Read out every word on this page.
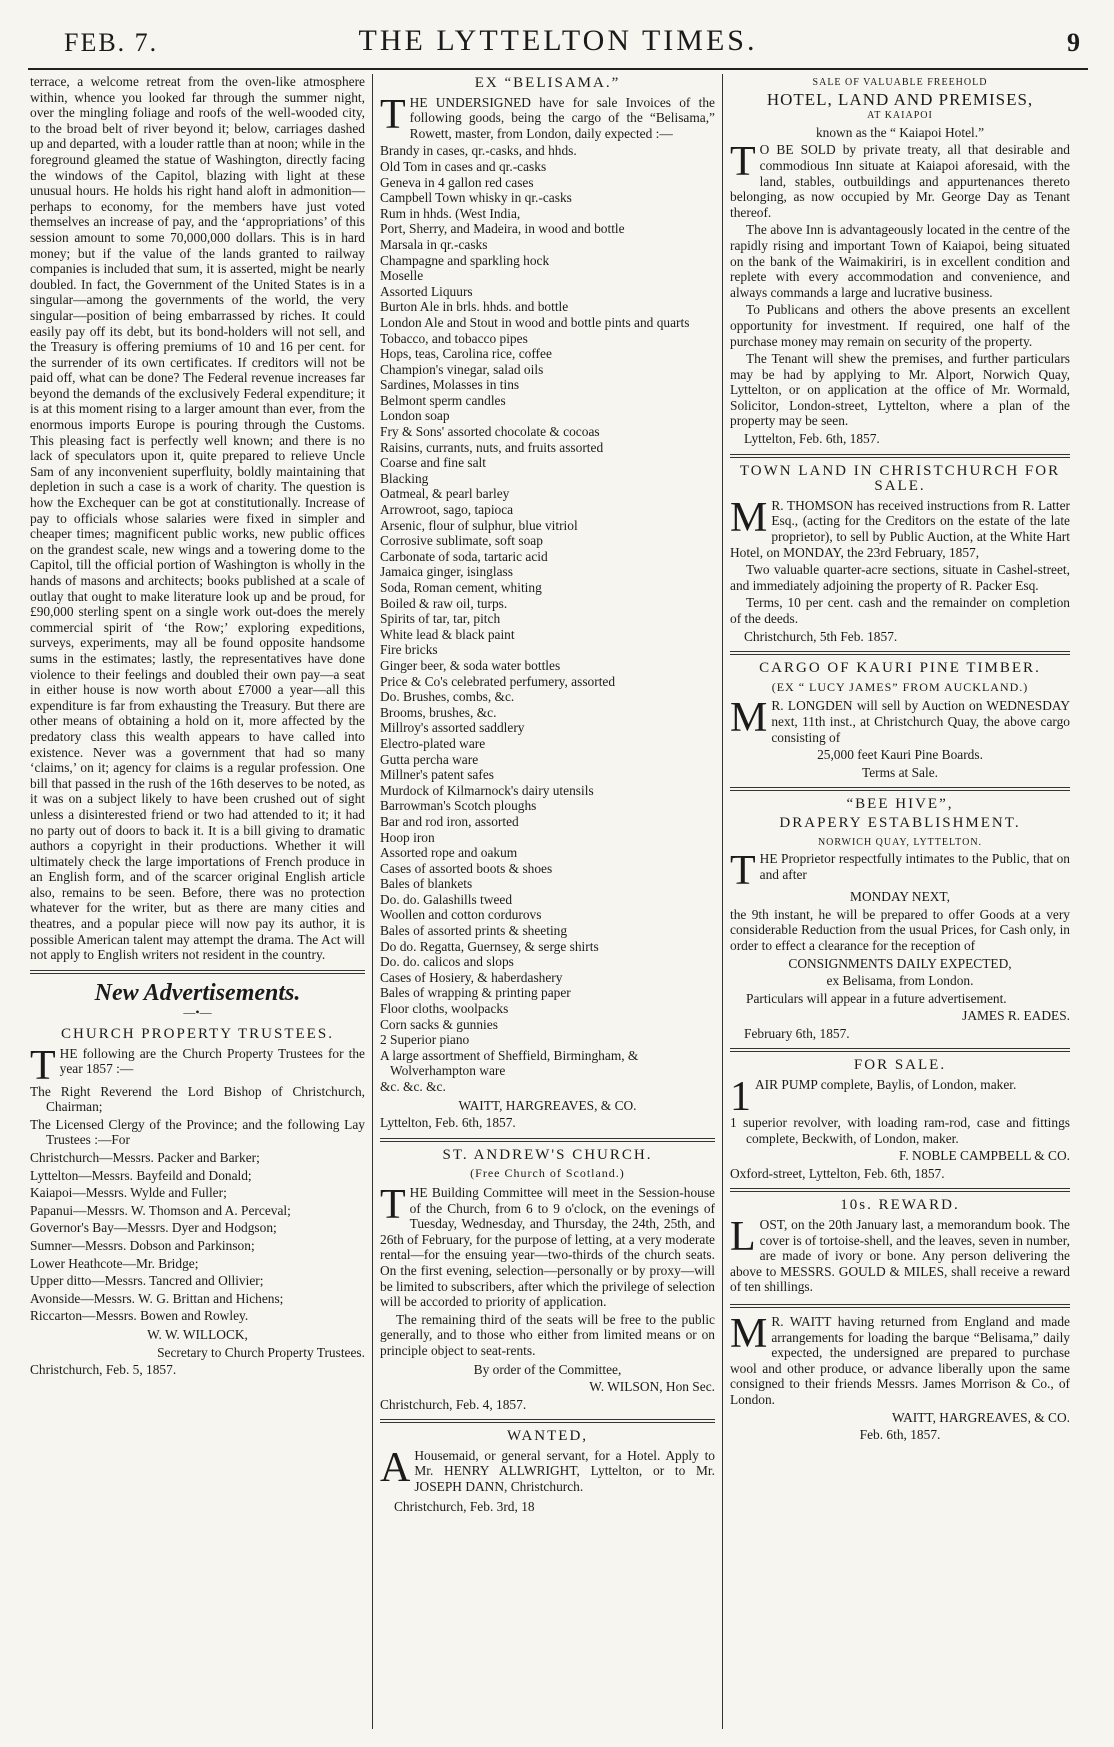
FEB. 7.	THE LYTTELTON TIMES.	9

terrace, a welcome retreat from the oven-like atmosphere within, whence you looked far through the summer night, over the mingling foliage and roofs of the well-wooded city, to the broad belt of river beyond it; below, carriages dashed up and departed, with a louder rattle than at noon; while in the foreground gleamed the statue of Washington, directly facing the windows of the Capitol, blazing with light at these unusual hours. He holds his right hand aloft in admonition—perhaps to economy, for the members have just voted themselves an increase of pay, and the ‘appropriations’ of this session amount to some 70,000,000 dollars. This is in hard money; but if the value of the lands granted to railway companies is included that sum, it is asserted, might be nearly doubled. In fact, the Government of the United States is in a singular—among the governments of the world, the very singular—position of being embarrassed by riches. It could easily pay off its debt, but its bond-holders will not sell, and the Treasury is offering premiums of 10 and 16 per cent. for the surrender of its own certificates. If creditors will not be paid off, what can be done? The Federal revenue increases far beyond the demands of the exclusively Federal expenditure; it is at this moment rising to a larger amount than ever, from the enormous imports Europe is pouring through the Customs. This pleasing fact is perfectly well known; and there is no lack of speculators upon it, quite prepared to relieve Uncle Sam of any inconvenient superfluity, boldly maintaining that depletion in such a case is a work of charity. The question is how the Exchequer can be got at constitutionally. Increase of pay to officials whose salaries were fixed in simpler and cheaper times; magnificent public works, new public offices on the grandest scale, new wings and a towering dome to the Capitol, till the official portion of Washington is wholly in the hands of masons and architects; books published at a scale of outlay that ought to make literature look up and be proud, for £90,000 sterling spent on a single work out-does the merely commercial spirit of ‘the Row;’ exploring expeditions, surveys, experiments, may all be found opposite handsome sums in the estimates; lastly, the representatives have done violence to their feelings and doubled their own pay—a seat in either house is now worth about £7000 a year—all this expenditure is far from exhausting the Treasury. But there are other means of obtaining a hold on it, more affected by the predatory class this wealth appears to have called into existence. Never was a government that had so many ‘claims,’ on it; agency for claims is a regular profession. One bill that passed in the rush of the 16th deserves to be noted, as it was on a subject likely to have been crushed out of sight unless a disinterested friend or two had attended to it; it had no party out of doors to back it. It is a bill giving to dramatic authors a copyright in their productions. Whether it will ultimately check the large importations of French produce in an English form, and of the scarcer original English article also, remains to be seen. Before, there was no protection whatever for the writer, but as there are many cities and theatres, and a popular piece will now pay its author, it is possible American talent may attempt the drama. The Act will not apply to English writers not resident in the country.

New Advertisements.
—•—
CHURCH PROPERTY TRUSTEES.

THE following are the Church Property Trustees for the year 1857 :—

The Right Reverend the Lord Bishop of Christchurch, Chairman;

The Licensed Clergy of the Province; and the following Lay Trustees :—For

Christchurch—Messrs. Packer and Barker;

Lyttelton—Messrs. Bayfeild and Donald;

Kaiapoi—Messrs. Wylde and Fuller;

Papanui—Messrs. W. Thomson and A. Perceval;

Governor's Bay—Messrs. Dyer and Hodgson;

Sumner—Messrs. Dobson and Parkinson;

Lower Heathcote—Mr. Bridge;

Upper ditto—Messrs. Tancred and Ollivier;

Avonside—Messrs. W. G. Brittan and Hichens;

Riccarton—Messrs. Bowen and Rowley.

W. W. WILLOCK,

Secretary to Church Property Trustees.

Christchurch, Feb. 5, 1857.

EX “BELISAMA.”

THE UNDERSIGNED have for sale Invoices of the following goods, being the cargo of the “Belisama,” Rowett, master, from London, daily expected :—

Brandy in cases, qr.-casks, and hhds.

Old Tom in cases and qr.-casks

Geneva in 4 gallon red cases

Campbell Town whisky in qr.-casks

Rum in hhds. (West India,

Port, Sherry, and Madeira, in wood and bottle

Marsala in qr.-casks

Champagne and sparkling hock

Moselle

Assorted Liquurs

Burton Ale in brls. hhds. and bottle

London Ale and Stout in wood and bottle pints and quarts

Tobacco, and tobacco pipes

Hops, teas, Carolina rice, coffee

Champion's vinegar, salad oils

Sardines, Molasses in tins

Belmont sperm candles

London soap

Fry & Sons' assorted chocolate & cocoas

Raisins, currants, nuts, and fruits assorted

Coarse and fine salt

Blacking

Oatmeal, & pearl barley

Arrowroot, sago, tapioca

Arsenic, flour of sulphur, blue vitriol

Corrosive sublimate, soft soap

Carbonate of soda, tartaric acid

Jamaica ginger, isinglass

Soda, Roman cement, whiting

Boiled & raw oil, turps.

Spirits of tar, tar, pitch

White lead & black paint

Fire bricks

Ginger beer, & soda water bottles

Price & Co's celebrated perfumery, assorted

Do. Brushes, combs, &c.

Brooms, brushes, &c.

Millroy's assorted saddlery

Electro-plated ware

Gutta percha ware

Millner's patent safes

Murdock of Kilmarnock's dairy utensils

Barrowman's Scotch ploughs

Bar and rod iron, assorted

Hoop iron

Assorted rope and oakum

Cases of assorted boots & shoes

Bales of blankets

Do. do. Galashills tweed

Woollen and cotton cordurovs

Bales of assorted prints & sheeting

Do do. Regatta, Guernsey, & serge shirts

Do. do. calicos and slops

Cases of Hosiery, & haberdashery

Bales of wrapping & printing paper

Floor cloths, woolpacks

Corn sacks & gunnies

2 Superior piano

A large assortment of Sheffield, Birmingham, & Wolverhampton ware

&c. &c. &c.

WAITT, HARGREAVES, & CO.

Lyttelton, Feb. 6th, 1857.

ST. ANDREW'S CHURCH.
(Free Church of Scotland.)

THE Building Committee will meet in the Session-house of the Church, from 6 to 9 o'clock, on the evenings of Tuesday, Wednesday, and Thursday, the 24th, 25th, and 26th of February, for the purpose of letting, at a very moderate rental—for the ensuing year—two-thirds of the church seats. On the first evening, selection—personally or by proxy—will be limited to subscribers, after which the privilege of selection will be accorded to priority of application.

The remaining third of the seats will be free to the public generally, and to those who either from limited means or on principle object to seat-rents.

By order of the Committee,

W. WILSON, Hon Sec.

Christchurch, Feb. 4, 1857.

WANTED,

A Housemaid, or general servant, for a Hotel. Apply to Mr. HENRY ALLWRIGHT, Lyttelton, or to Mr. JOSEPH DANN, Christchurch.

Christchurch, Feb. 3rd, 18

SALE OF VALUABLE FREEHOLD
HOTEL, LAND AND PREMISES,
AT KAIAPOI

known as the “ Kaiapoi Hotel.”

T O BE SOLD by private treaty, all that desirable and commodious Inn situate at Kaiapoi aforesaid, with the land, stables, outbuildings and appurtenances thereto belonging, as now occupied by Mr. George Day as Tenant thereof.

The above Inn is advantageously located in the centre of the rapidly rising and important Town of Kaiapoi, being situated on the bank of the Waimakiriri, is in excellent condition and replete with every accommodation and convenience, and always commands a large and lucrative business.

To Publicans and others the above presents an excellent opportunity for investment. If required, one half of the purchase money may remain on security of the property.

The Tenant will shew the premises, and further particulars may be had by applying to Mr. Alport, Norwich Quay, Lyttelton, or on application at the office of Mr. Wormald, Solicitor, London-street, Lyttelton, where a plan of the property may be seen.

Lyttelton, Feb. 6th, 1857.

TOWN LAND IN CHRISTCHURCH FOR SALE.

M R. THOMSON has received instructions from R. Latter Esq., (acting for the Creditors on the estate of the late proprietor), to sell by Public Auction, at the White Hart Hotel, on MONDAY, the 23rd February, 1857,

Two valuable quarter-acre sections, situate in Cashel-street, and immediately adjoining the property of R. Packer Esq.

Terms, 10 per cent. cash and the remainder on completion of the deeds.

Christchurch, 5th Feb. 1857.

CARGO OF KAURI PINE TIMBER.
(EX “ LUCY JAMES” FROM AUCKLAND.)

M R. LONGDEN will sell by Auction on WEDNESDAY next, 11th inst., at Christchurch Quay, the above cargo consisting of

25,000 feet Kauri Pine Boards.

Terms at Sale.

“BEE HIVE”,
DRAPERY ESTABLISHMENT.
NORWICH QUAY, LYTTELTON.

THE Proprietor respectfully intimates to the Public, that on and after

MONDAY NEXT,

the 9th instant, he will be prepared to offer Goods at a very considerable Reduction from the usual Prices, for Cash only, in order to effect a clearance for the reception of

CONSIGNMENTS DAILY EXPECTED,

ex Belisama, from London.

Particulars will appear in a future advertisement.

JAMES R. EADES.

February 6th, 1857.

FOR SALE.

1 AIR PUMP complete, Baylis, of London, maker.

1 superior revolver, with loading ram-rod, case and fittings complete, Beckwith, of London, maker.

F. NOBLE CAMPBELL & CO.

Oxford-street, Lyttelton, Feb. 6th, 1857.

10s. REWARD.

LOST, on the 20th January last, a memorandum book. The cover is of tortoise-shell, and the leaves, seven in number, are made of ivory or bone. Any person delivering the above to MESSRS. GOULD & MILES, shall receive a reward of ten shillings.

M R. WAITT having returned from England and made arrangements for loading the barque “Belisama,” daily expected, the undersigned are prepared to purchase wool and other produce, or advance liberally upon the same consigned to their friends Messrs. James Morrison & Co., of London.

WAITT, HARGREAVES, & CO.

Feb. 6th, 1857.
